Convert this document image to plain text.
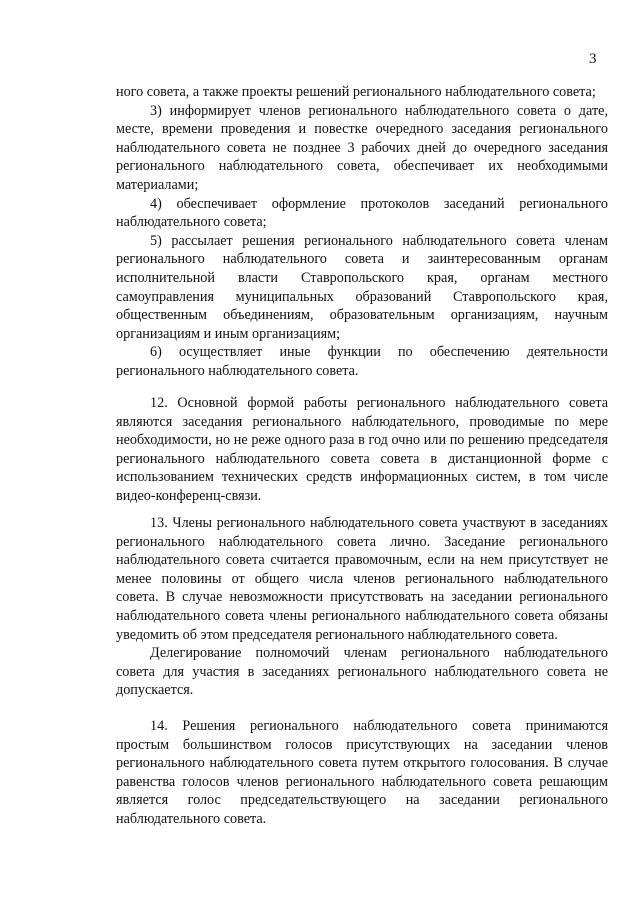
3

ного совета, а также проекты решений регионального наблюдательного совета;

3) информирует членов регионального наблюдательного совета о дате, месте, времени проведения и повестке очередного заседания регионального наблюдательного совета не позднее 3 рабочих дней до очередного заседания регионального наблюдательного совета, обеспечивает их необходимыми материалами;

4) обеспечивает оформление протоколов заседаний регионального наблюдательного совета;

5) рассылает решения регионального наблюдательного совета членам регионального наблюдательного совета и заинтересованным органам исполнительной власти Ставропольского края, органам местного самоуправления муниципальных образований Ставропольского края, общественным объединениям, образовательным организациям, научным организациям и иным организациям;

6) осуществляет иные функции по обеспечению деятельности регионального наблюдательного совета.

12. Основной формой работы регионального наблюдательного совета являются заседания регионального наблюдательного, проводимые по мере необходимости, но не реже одного раза в год очно или по решению председателя регионального наблюдательного совета совета в дистанционной форме с использованием технических средств информационных систем, в том числе видео-конференц-связи.

13. Члены регионального наблюдательного совета участвуют в заседаниях регионального наблюдательного совета лично. Заседание регионального наблюдательного совета считается правомочным, если на нем присутствует не менее половины от общего числа членов регионального наблюдательного совета. В случае невозможности присутствовать на заседании регионального наблюдательного совета члены регионального наблюдательного совета обязаны уведомить об этом председателя регионального наблюдательного совета.

Делегирование полномочий членам регионального наблюдательного совета для участия в заседаниях регионального наблюдательного совета не допускается.

14. Решения регионального наблюдательного совета принимаются простым большинством голосов присутствующих на заседании членов регионального наблюдательного совета путем открытого голосования. В случае равенства голосов членов регионального наблюдательного совета решающим является голос председательствующего на заседании регионального наблюдательного совета.
